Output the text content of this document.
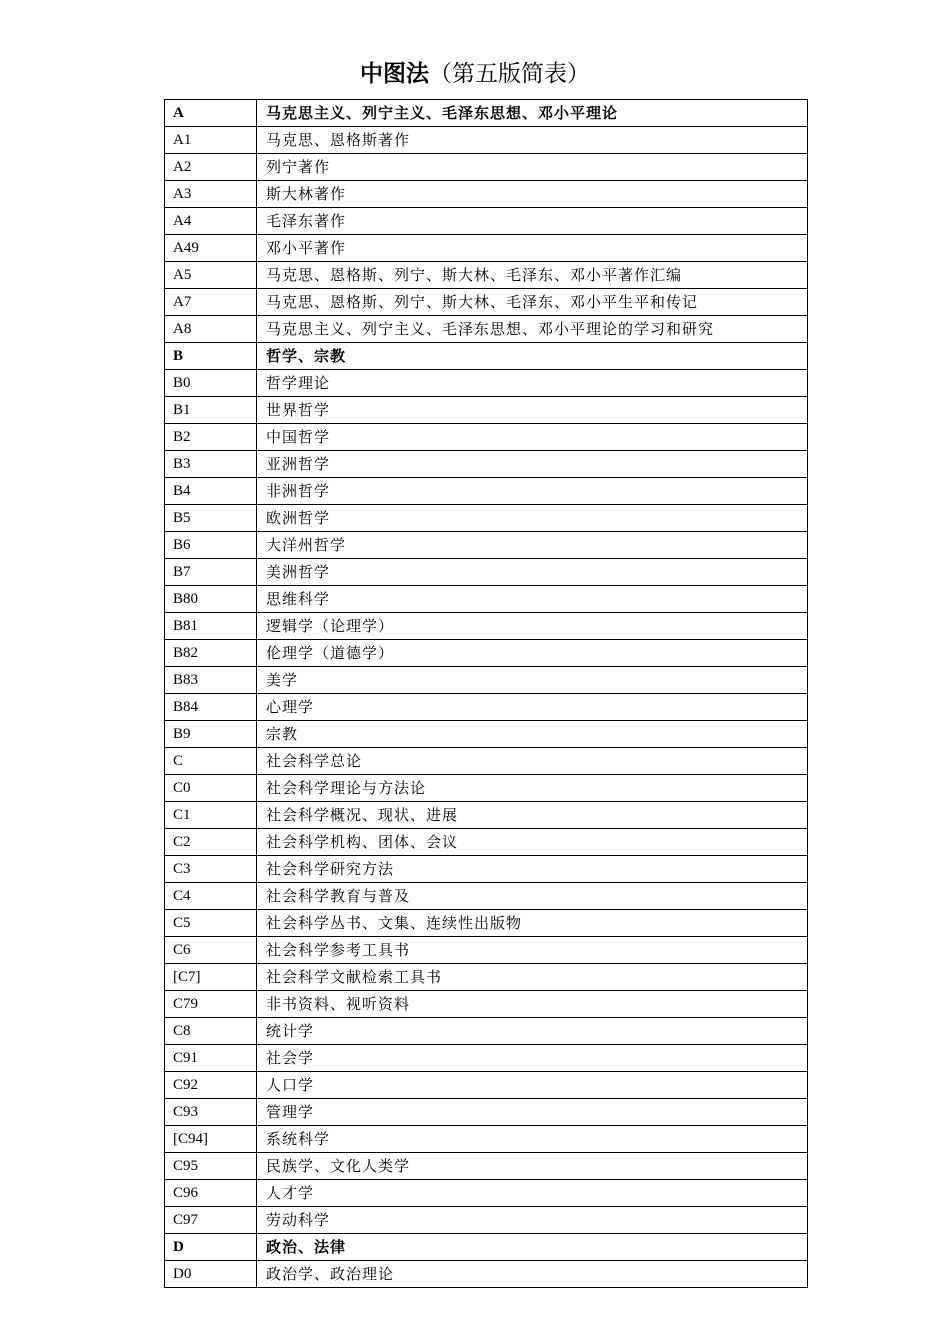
中图法（第五版简表）
A	马克思主义、列宁主义、毛泽东思想、邓小平理论
A1	马克思、恩格斯著作
A2	列宁著作
A3	斯大林著作
A4	毛泽东著作
A49	邓小平著作
A5	马克思、恩格斯、列宁、斯大林、毛泽东、邓小平著作汇编
A7	马克思、恩格斯、列宁、斯大林、毛泽东、邓小平生平和传记
A8	马克思主义、列宁主义、毛泽东思想、邓小平理论的学习和研究
B	哲学、宗教
B0	哲学理论
B1	世界哲学
B2	中国哲学
B3	亚洲哲学
B4	非洲哲学
B5	欧洲哲学
B6	大洋州哲学
B7	美洲哲学
B80	思维科学
B81	逻辑学（论理学）
B82	伦理学（道德学）
B83	美学
B84	心理学
B9	宗教
C	社会科学总论
C0	社会科学理论与方法论
C1	社会科学概况、现状、进展
C2	社会科学机构、团体、会议
C3	社会科学研究方法
C4	社会科学教育与普及
C5	社会科学丛书、文集、连续性出版物
C6	社会科学参考工具书
[C7]	社会科学文献检索工具书
C79	非书资料、视听资料
C8	统计学
C91	社会学
C92	人口学
C93	管理学
[C94]	系统科学
C95	民族学、文化人类学
C96	人才学
C97	劳动科学
D	政治、法律
D0	政治学、政治理论
